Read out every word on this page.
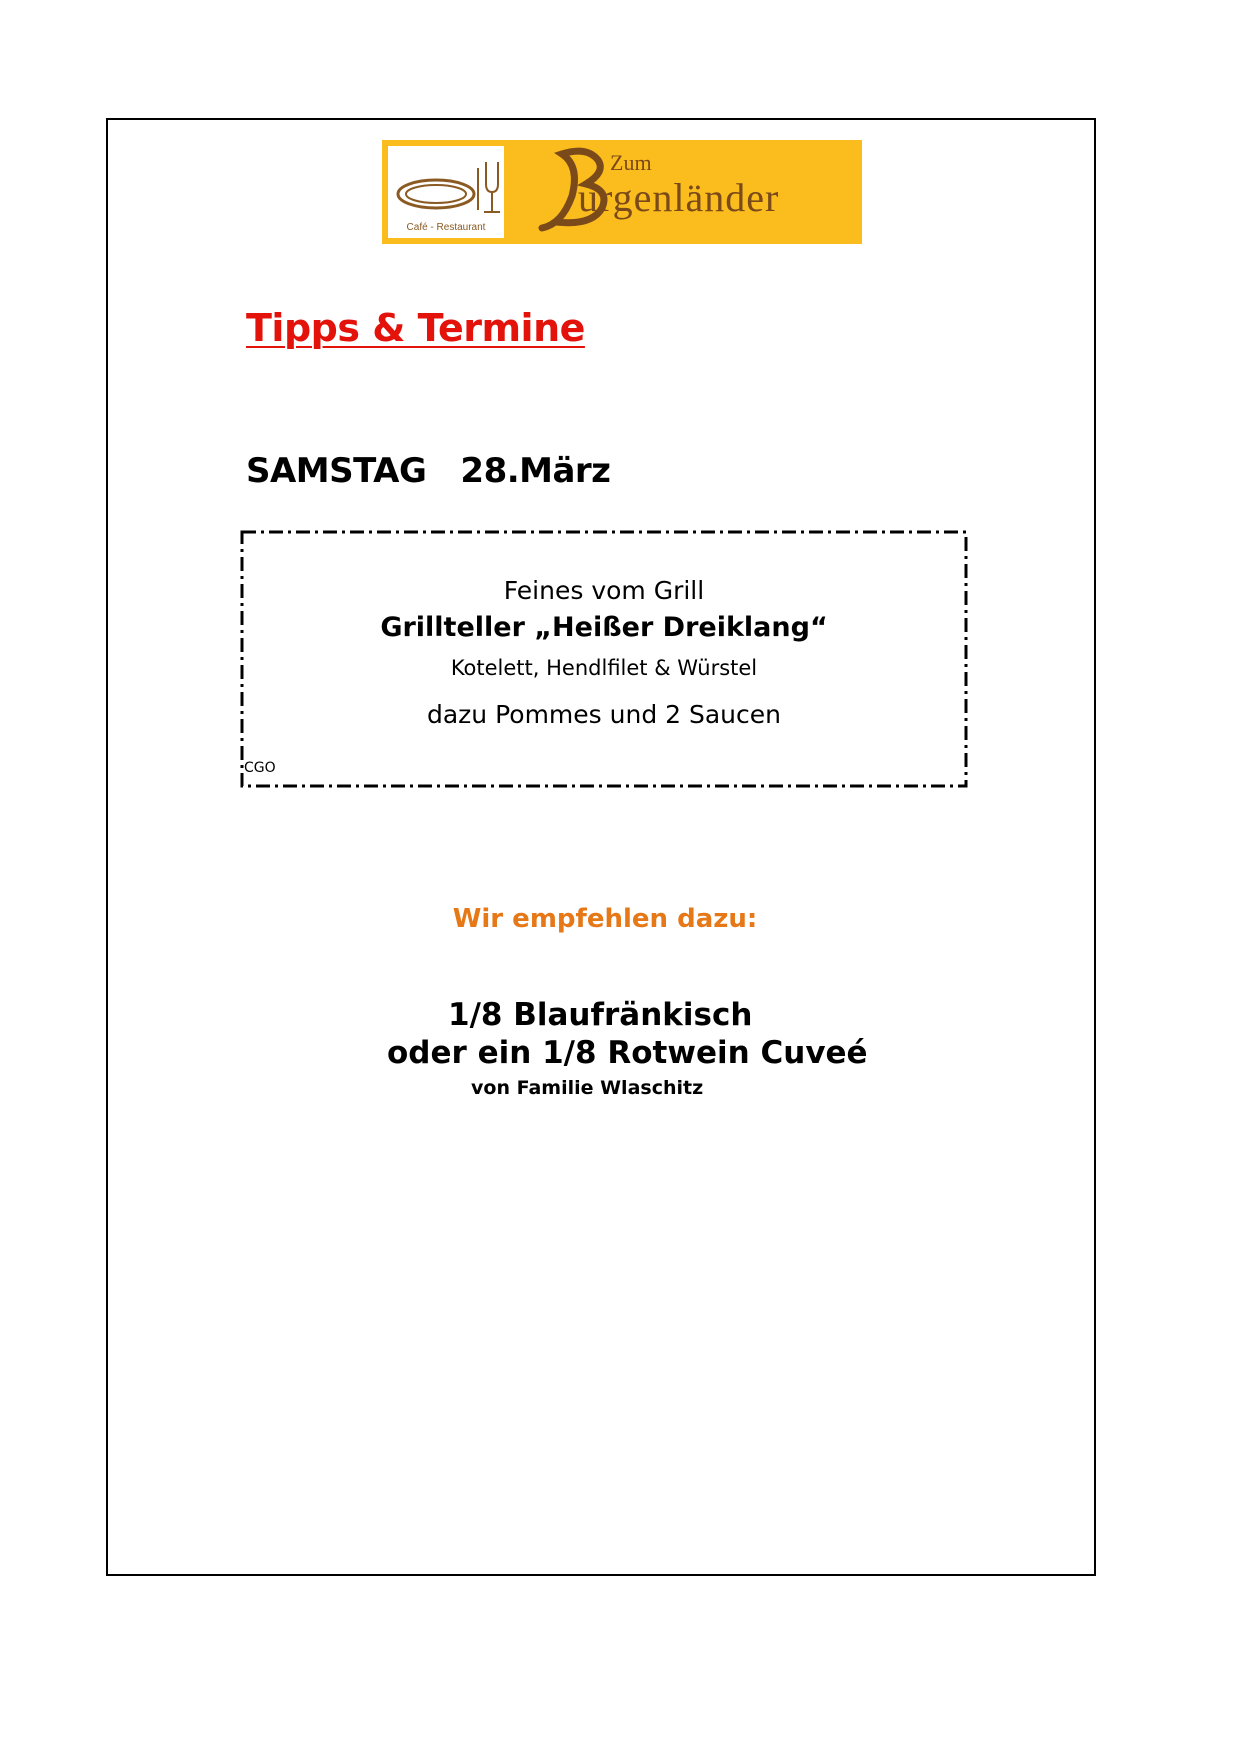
Café - Restaurant
Zum
urgenländer
Tipps & Termine
SAMSTAG   28.März
Feines vom Grill
Grillteller „Heißer Dreiklang“
Kotelett, Hendlfilet & Würstel
dazu Pommes und 2 Saucen
CGO
Wir empfehlen dazu:
1/8 Blaufränkisch
oder ein 1/8 Rotwein Cuveé
von Familie Wlaschitz
